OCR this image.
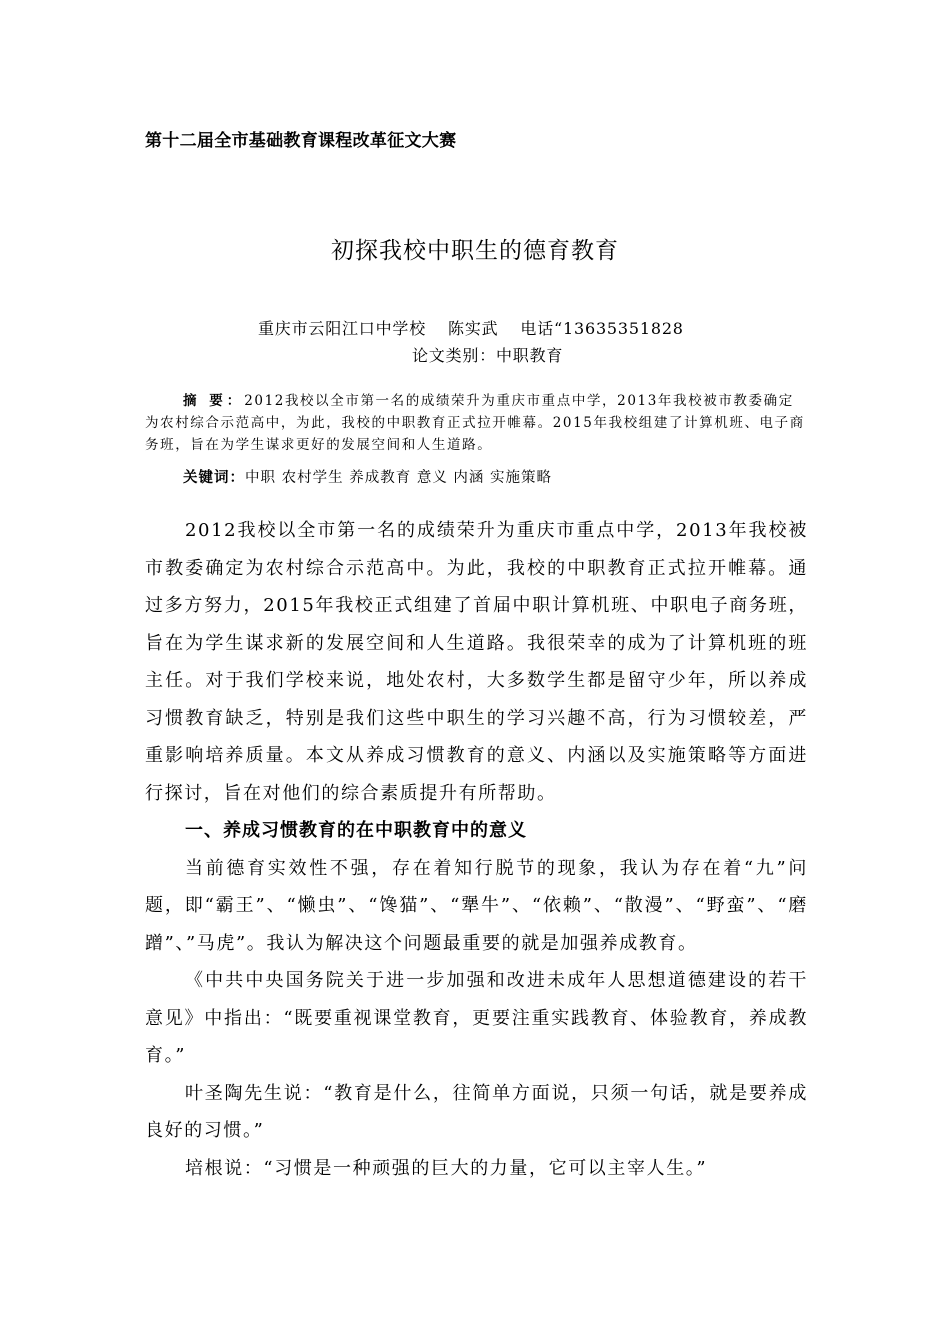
第十二届全市基础教育课程改革征文大赛
初探我校中职生的德育教育
重庆市云阳江口中学校 陈实武 电话“13635351828
论文类别：中职教育

摘 要：2012我校以全市第一名的成绩荣升为重庆市重点中学，2013年我校被市教委确定为农村综合示范高中，为此，我校的中职教育正式拉开帷幕。2015年我校组建了计算机班、电子商务班，旨在为学生谋求更好的发展空间和人生道路。

关键词：中职 农村学生 养成教育 意义 内涵 实施策略

2012我校以全市第一名的成绩荣升为重庆市重点中学，2013年我校被市教委确定为农村综合示范高中。为此，我校的中职教育正式拉开帷幕。通过多方努力，2015年我校正式组建了首届中职计算机班、中职电子商务班，旨在为学生谋求新的发展空间和人生道路。我很荣幸的成为了计算机班的班主任。对于我们学校来说，地处农村，大多数学生都是留守少年，所以养成习惯教育缺乏，特别是我们这些中职生的学习兴趣不高，行为习惯较差，严重影响培养质量。本文从养成习惯教育的意义、内涵以及实施策略等方面进行探讨，旨在对他们的综合素质提升有所帮助。

一、养成习惯教育的在中职教育中的意义

当前德育实效性不强，存在着知行脱节的现象，我认为存在着“九”问题，即“霸王”、“懒虫”、“馋猫”、“犟牛”、“依赖”、“散漫”、“野蛮”、“磨蹭”、”马虎”。我认为解决这个问题最重要的就是加强养成教育。

《中共中央国务院关于进一步加强和改进未成年人思想道德建设的若干意见》中指出：“既要重视课堂教育，更要注重实践教育、体验教育，养成教育。”

叶圣陶先生说：“教育是什么，往简单方面说，只须一句话，就是要养成良好的习惯。”

培根说：“习惯是一种顽强的巨大的力量，它可以主宰人生。”
